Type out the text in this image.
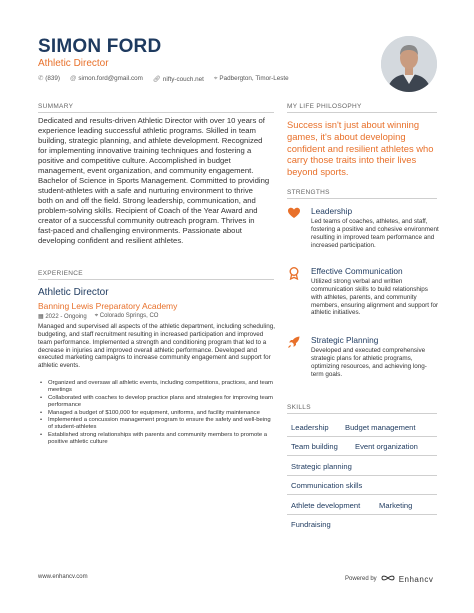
SIMON FORD
Athletic Director
✆ (839) @ simon.ford@gmail.com 🔗︎ nifty-couch.net ⌖ Padbergton, Timor-Leste
SUMMARY
Dedicated and results-driven Athletic Director with over 10 years of experience leading successful athletic programs. Skilled in team building, strategic planning, and athlete development. Recognized for implementing innovative training techniques and fostering a positive and competitive culture. Accomplished in budget management, event organization, and community engagement. Bachelor of Science in Sports Management. Committed to providing student-athletes with a safe and nurturing environment to thrive both on and off the field. Strong leadership, communication, and problem-solving skills. Recipient of Coach of the Year Award and creator of a successful community outreach program. Thrives in fast-paced and challenging environments. Passionate about developing confident and resilient athletes.
EXPERIENCE
Athletic Director
Banning Lewis Preparatory Academy
▦ 2022 - Ongoing ⌖ Colorado Springs, CO
Managed and supervised all aspects of the athletic department, including scheduling, budgeting, and staff recruitment resulting in increased participation and improved team performance. Implemented a strength and conditioning program that led to a decrease in injuries and improved overall athletic performance. Developed and executed marketing campaigns to increase community engagement and support for athletic events.
• Organized and oversaw all athletic events, including competitions, practices, and team meetings
• Collaborated with coaches to develop practice plans and strategies for improving team performance
• Managed a budget of $100,000 for equipment, uniforms, and facility maintenance
• Implemented a concussion management program to ensure the safety and well-being of student-athletes
• Established strong relationships with parents and community members to promote a positive athletic culture
MY LIFE PHILOSOPHY
Success isn't just about winning games, it's about developing confident and resilient athletes who carry those traits into their lives beyond sports.
STRENGTHS
Leadership
Led teams of coaches, athletes, and staff, fostering a positive and cohesive environment resulting in improved team performance and increased participation.
Effective Communication
Utilized strong verbal and written communication skills to build relationships with athletes, parents, and community members, ensuring alignment and support for athletic initiatives.
Strategic Planning
Developed and executed comprehensive strategic plans for athletic programs, optimizing resources, and achieving long-term goals.
SKILLS
Leadership Budget management
Team building Event organization
Strategic planning
Communication skills
Athlete development Marketing
Fundraising
www.enhancv.com	Powered by	Enhancv
